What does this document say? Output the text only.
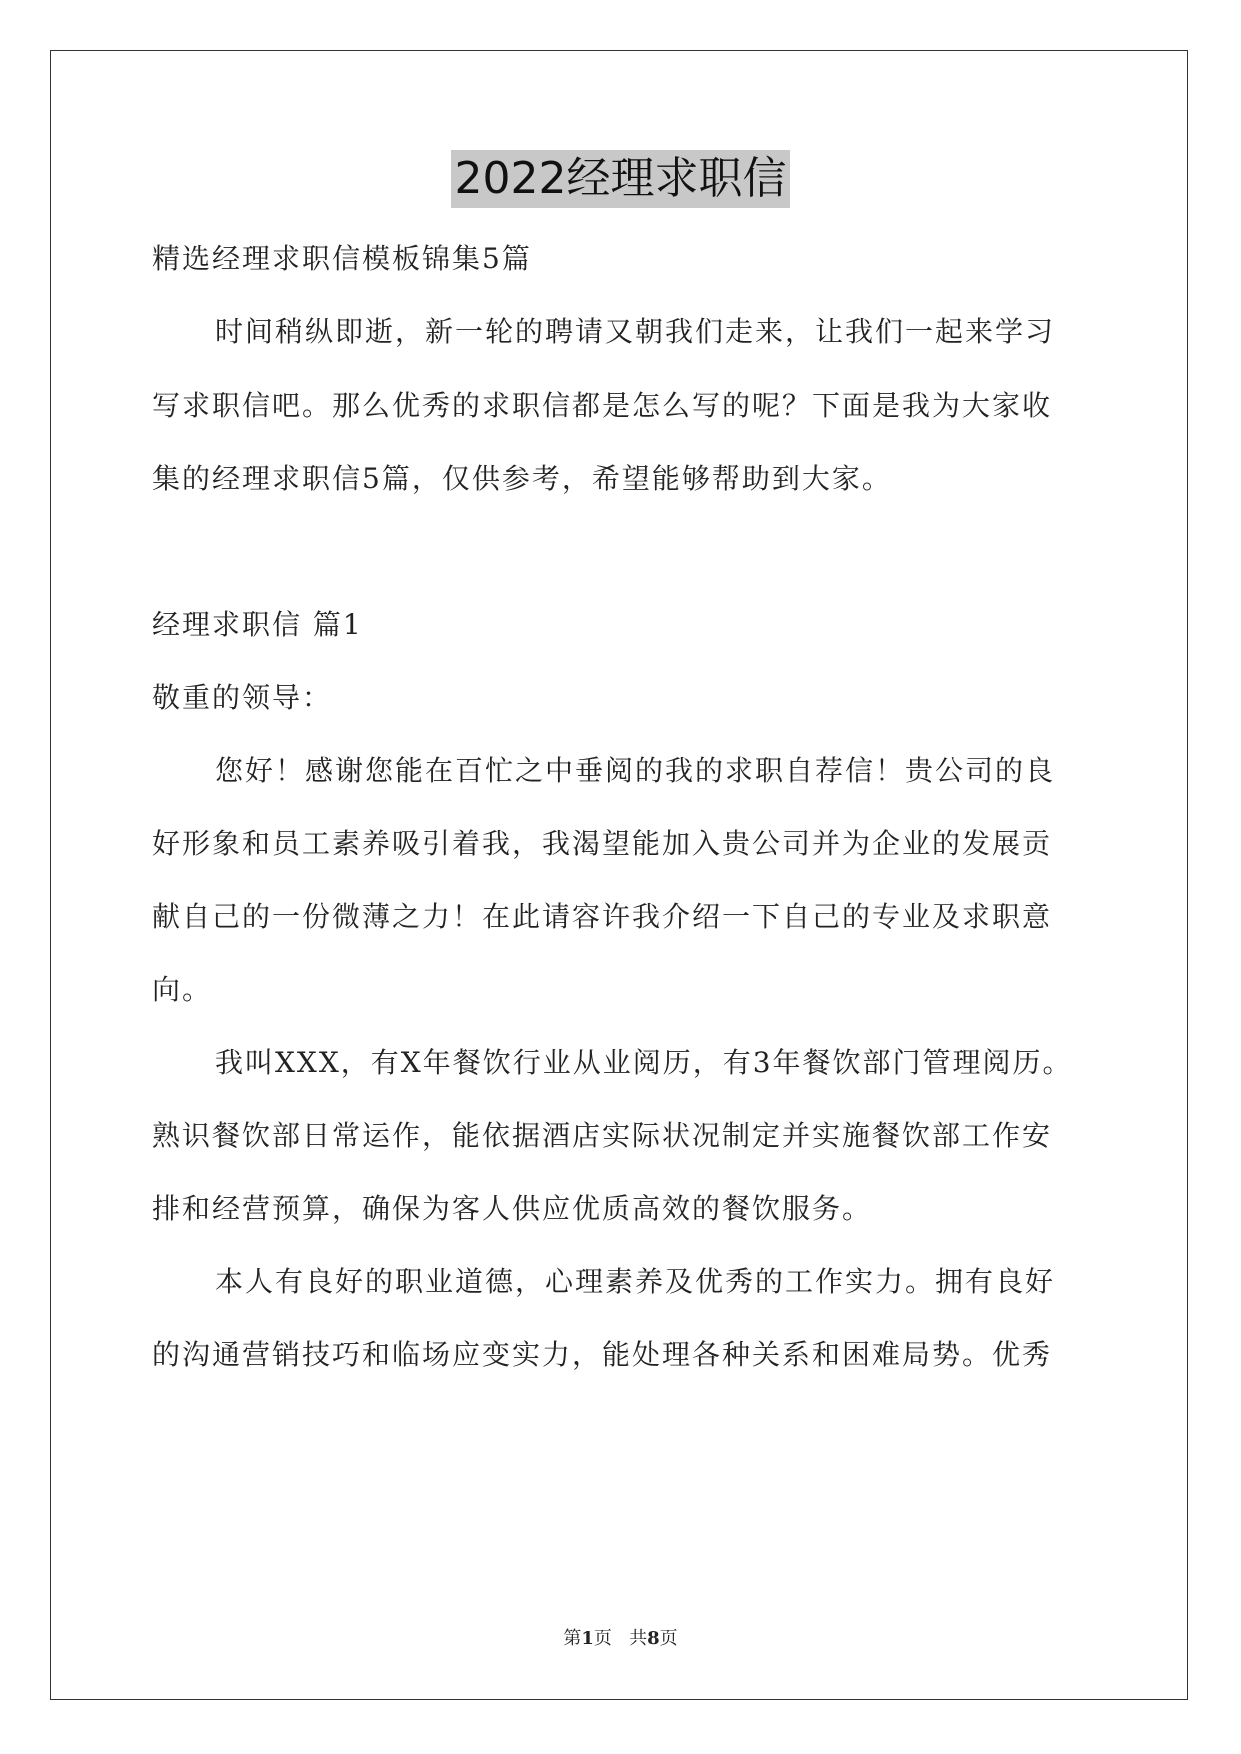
2022经理求职信
精选经理求职信模板锦集5篇
时间稍纵即逝，新一轮的聘请又朝我们走来，让我们一起来学习
写求职信吧。那么优秀的求职信都是怎么写的呢？下面是我为大家收
集的经理求职信5篇，仅供参考，希望能够帮助到大家。
经理求职信 篇1
敬重的领导：
您好！感谢您能在百忙之中垂阅的我的求职自荐信！贵公司的良
好形象和员工素养吸引着我，我渴望能加入贵公司并为企业的发展贡
献自己的一份微薄之力！在此请容许我介绍一下自己的专业及求职意
向。
我叫XXX，有X年餐饮行业从业阅历，有3年餐饮部门管理阅历。
熟识餐饮部日常运作，能依据酒店实际状况制定并实施餐饮部工作安
排和经营预算，确保为客人供应优质高效的餐饮服务。
本人有良好的职业道德，心理素养及优秀的工作实力。拥有良好
的沟通营销技巧和临场应变实力，能处理各种关系和困难局势。优秀
第1页 共8页
